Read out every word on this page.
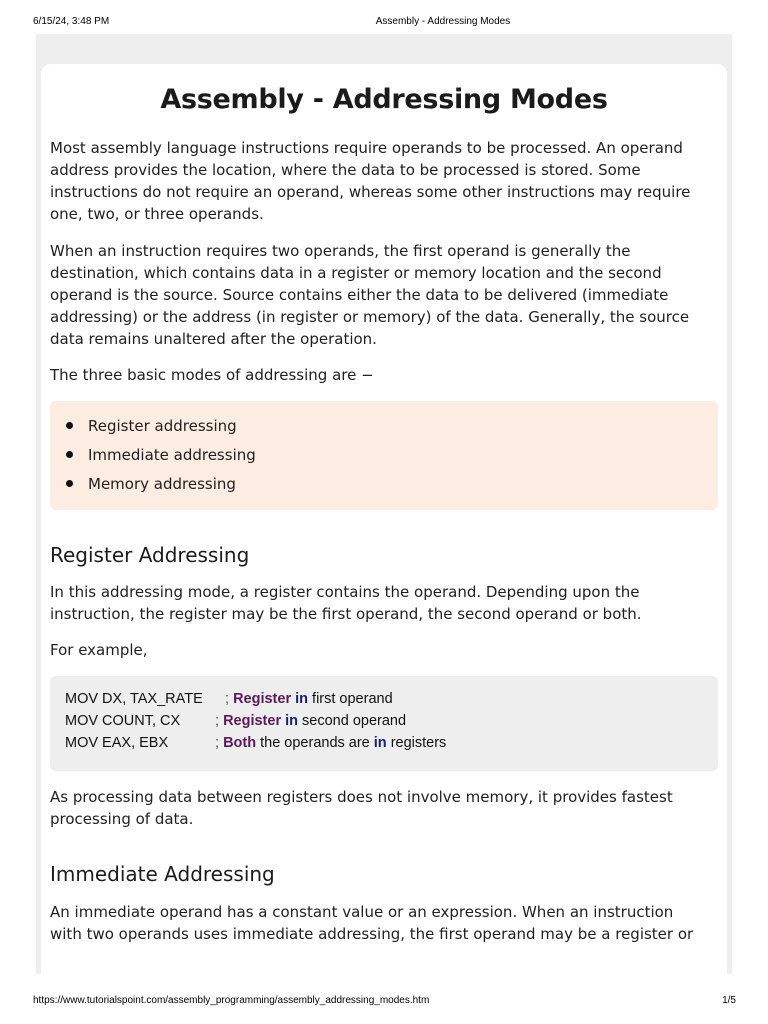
6/15/24, 3:48 PM	Assembly - Addressing Modes
Assembly - Addressing Modes

Most assembly language instructions require operands to be processed. An operand

address provides the location, where the data to be processed is stored. Some

instructions do not require an operand, whereas some other instructions may require

one, two, or three operands.

When an instruction requires two operands, the first operand is generally the

destination, which contains data in a register or memory location and the second

operand is the source. Source contains either the data to be delivered (immediate

addressing) or the address (in register or memory) of the data. Generally, the source

data remains unaltered after the operation.

The three basic modes of addressing are −

Register addressing
Immediate addressing
Memory addressing
Register Addressing

In this addressing mode, a register contains the operand. Depending upon the

instruction, the register may be the first operand, the second operand or both.

For example,

MOV DX, TAX_RATE

; Register in first operand

MOV COUNT, CX

; Register in second operand

MOV EAX, EBX

	; Both the operands are in registers

As processing data between registers does not involve memory, it provides fastest

processing of data.

Immediate Addressing

An immediate operand has a constant value or an expression. When an instruction

with two operands uses immediate addressing, the first operand may be a register or

https://www.tutorialspoint.com/assembly_programming/assembly_addressing_modes.htm	1/5
